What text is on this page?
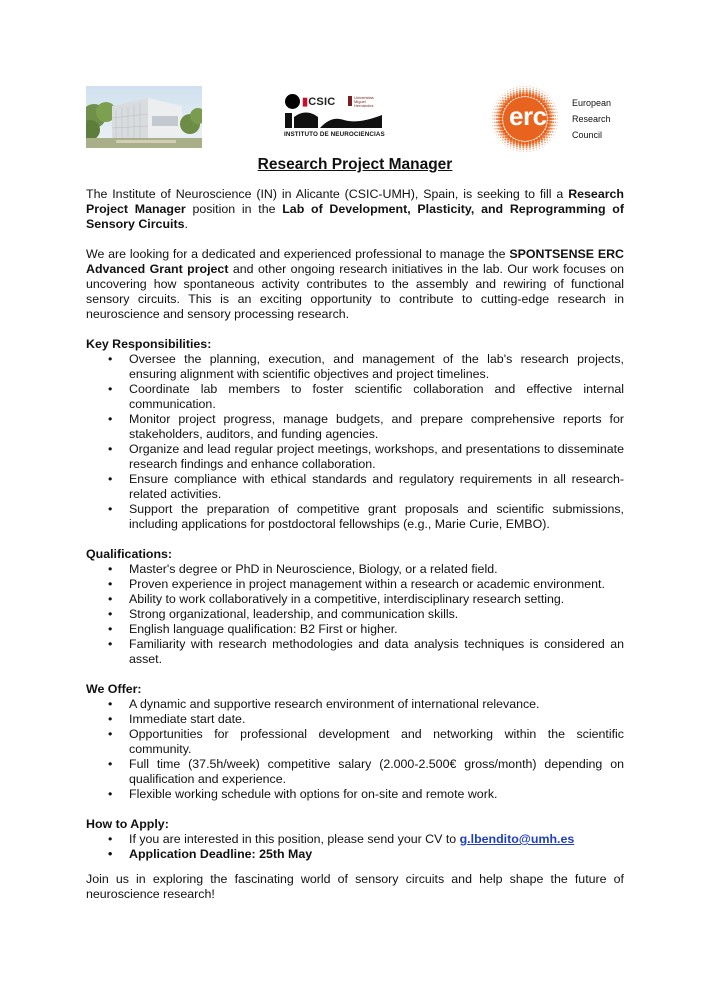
▮CSIC	Universitas Miguel Hernández
INSTITUTO DE NEUROCIENCIAS
erc	European
Research
Council
Research Project Manager

The Institute of Neuroscience (IN) in Alicante (CSIC-UMH), Spain, is seeking to fill a Research Project Manager position in the Lab of Development, Plasticity, and Reprogramming of Sensory Circuits.

We are looking for a dedicated and experienced professional to manage the SPONTSENSE ERC Advanced Grant project and other ongoing research initiatives in the lab. Our work focuses on uncovering how spontaneous activity contributes to the assembly and rewiring of functional sensory circuits. This is an exciting opportunity to contribute to cutting-edge research in neuroscience and sensory processing research.

Key Responsibilities:

• Oversee the planning, execution, and management of the lab's research projects, ensuring alignment with scientific objectives and project timelines.
• Coordinate lab members to foster scientific collaboration and effective internal communication.
• Monitor project progress, manage budgets, and prepare comprehensive reports for stakeholders, auditors, and funding agencies.
• Organize and lead regular project meetings, workshops, and presentations to disseminate research findings and enhance collaboration.
• Ensure compliance with ethical standards and regulatory requirements in all research-related activities.
• Support the preparation of competitive grant proposals and scientific submissions, including applications for postdoctoral fellowships (e.g., Marie Curie, EMBO).

Qualifications:

• Master's degree or PhD in Neuroscience, Biology, or a related field.
• Proven experience in project management within a research or academic environment.
• Ability to work collaboratively in a competitive, interdisciplinary research setting.
• Strong organizational, leadership, and communication skills.
• English language qualification: B2 First or higher.
• Familiarity with research methodologies and data analysis techniques is considered an asset.

We Offer:

• A dynamic and supportive research environment of international relevance.
• Immediate start date.
• Opportunities for professional development and networking within the scientific community.
• Full time (37.5h/week) competitive salary (2.000-2.500€ gross/month) depending on qualification and experience.
• Flexible working schedule with options for on-site and remote work.

How to Apply:

• If you are interested in this position, please send your CV to g.lbendito@umh.es
• Application Deadline: 25th May

Join us in exploring the fascinating world of sensory circuits and help shape the future of neuroscience research!
